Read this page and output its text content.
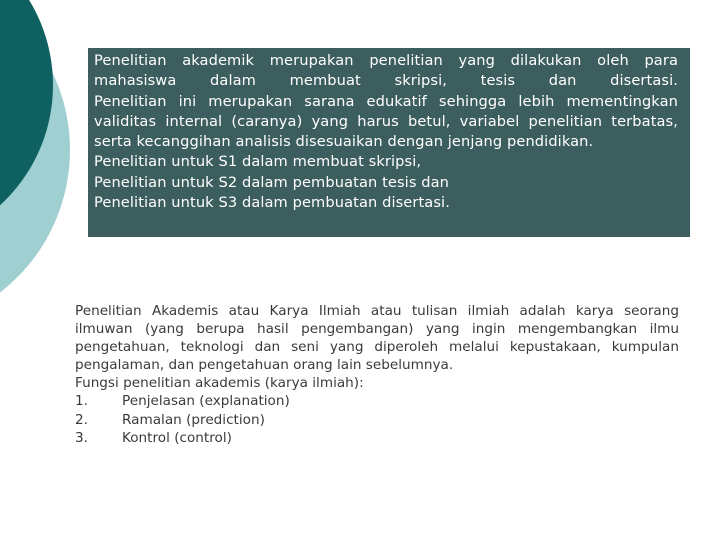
Penelitian akademik merupakan penelitian yang dilakukan oleh para mahasiswa dalam membuat skripsi, tesis dan disertasi.

Penelitian ini merupakan sarana edukatif sehingga lebih mementingkan validitas internal (caranya) yang harus betul, variabel penelitian terbatas, serta kecanggihan analisis disesuaikan dengan jenjang pendidikan.

Penelitian untuk S1 dalam membuat skripsi,

Penelitian untuk S2 dalam pembuatan tesis dan

Penelitian untuk S3 dalam pembuatan disertasi.

Penelitian Akademis atau Karya Ilmiah atau tulisan ilmiah adalah karya seorang ilmuwan (yang berupa hasil pengembangan) yang ingin mengembangkan ilmu pengetahuan, teknologi dan seni yang diperoleh melalui kepustakaan, kumpulan pengalaman, dan pengetahuan orang lain sebelumnya.

Fungsi penelitian akademis (karya ilmiah):

1.	Penjelasan (explanation)
2.	Ramalan (prediction)
3.	Kontrol (control)
